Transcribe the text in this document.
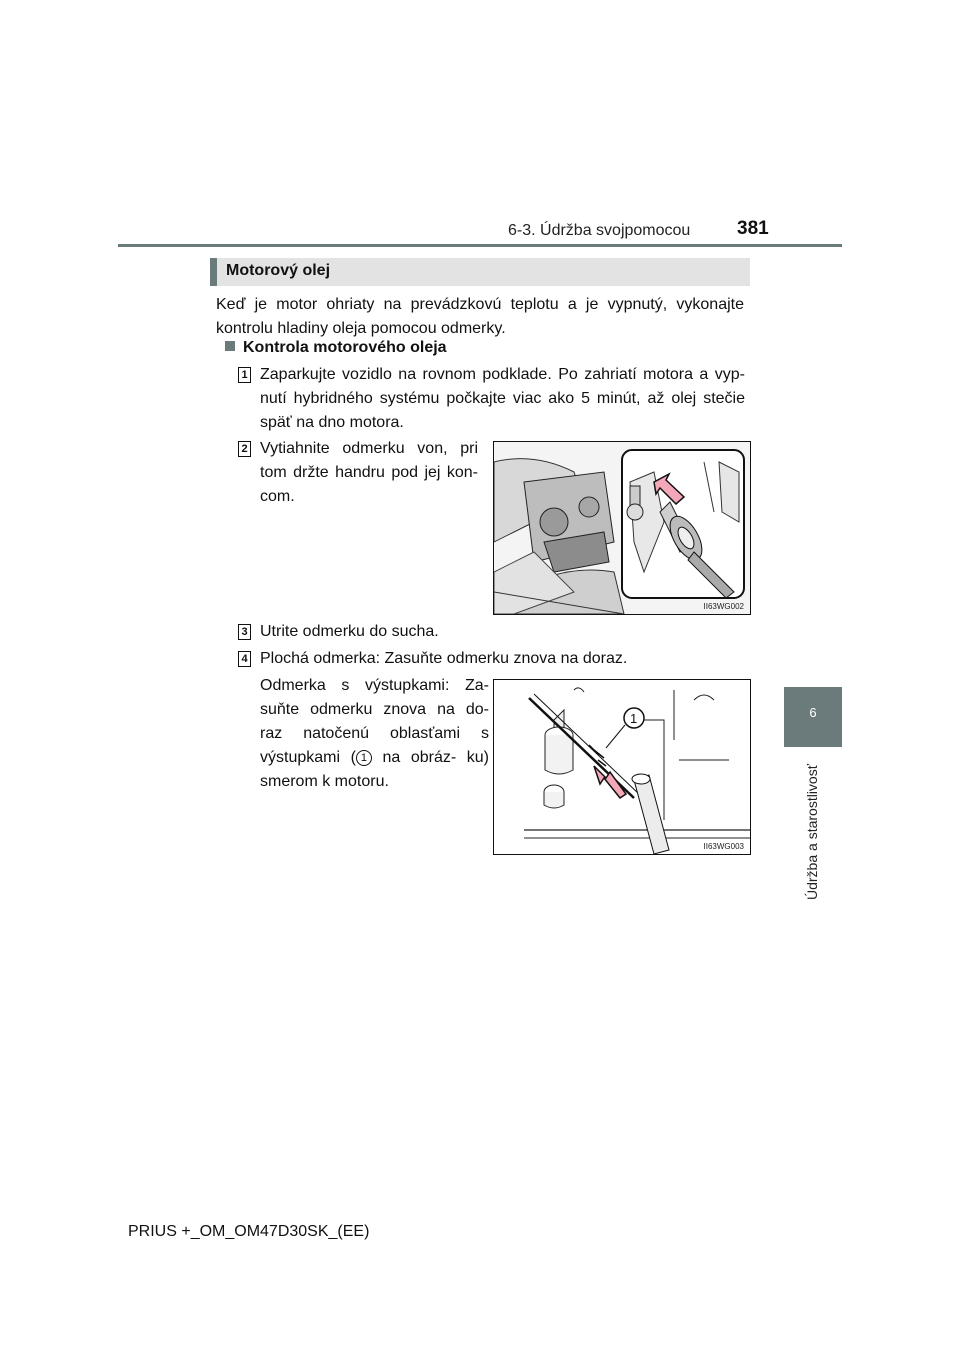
6-3. Údržba svojpomocou 381
6
Údržba a starostlivosť
Motorový olej
Keď je motor ohriaty na prevádzkovú teplotu a je vypnutý, vykonajte kontrolu hladiny oleja pomocou odmerky.
Kontrola motorového oleja
1 Zaparkujte vozidlo na rovnom podklade. Po zahriatí motora a vyp- nutí hybridného systému počkajte viac ako 5 minút, až olej stečie späť na dno motora.
2 Vytiahnite odmerku von, pri tom držte handru pod jej kon- com.
II63WG002
3 Utrite odmerku do sucha.
4 Plochá odmerka: Zasuňte odmerku znova na doraz.
Odmerka s výstupkami: Za- suňte odmerku znova na do- raz natočenú oblasťami s výstupkami ( 1 na obráz- ku) smerom k motoru.
1
II63WG003
PRIUS +_OM_OM47D30SK_(EE)
